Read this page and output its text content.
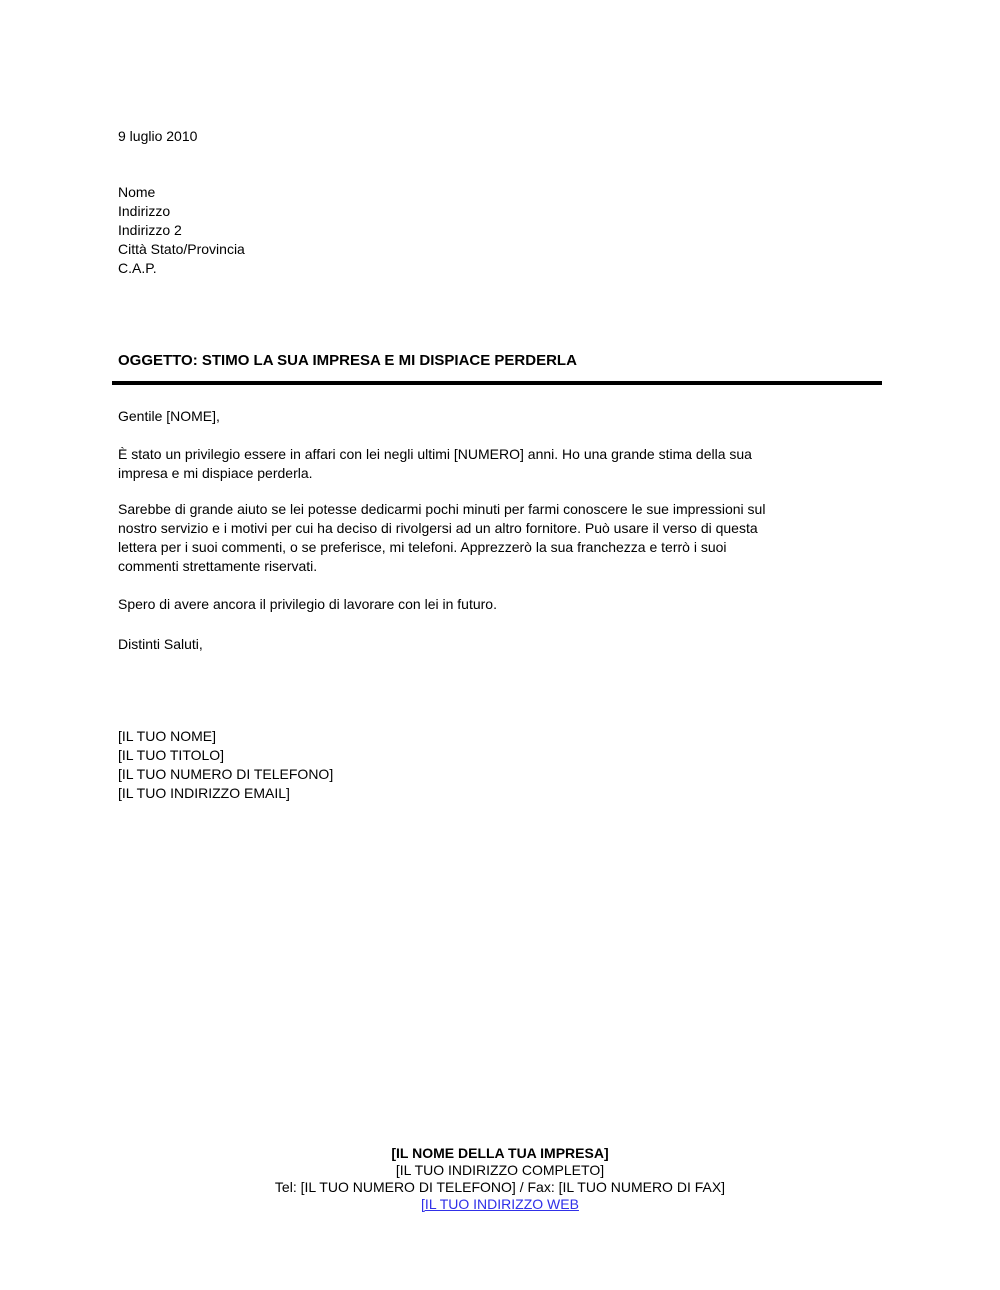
9 luglio 2010
Nome
Indirizzo
Indirizzo 2
Città Stato/Provincia
C.A.P.
OGGETTO: STIMO LA SUA IMPRESA E MI DISPIACE PERDERLA
Gentile [NOME],
È stato un privilegio essere in affari con lei negli ultimi [NUMERO] anni. Ho una grande stima della sua
impresa e mi dispiace perderla.
Sarebbe di grande aiuto se lei potesse dedicarmi pochi minuti per farmi conoscere le sue impressioni sul
nostro servizio e i motivi per cui ha deciso di rivolgersi ad un altro fornitore. Può usare il verso di questa
lettera per i suoi commenti, o se preferisce, mi telefoni. Apprezzerò la sua franchezza e terrò i suoi
commenti strettamente riservati.
Spero di avere ancora il privilegio di lavorare con lei in futuro.
Distinti Saluti,
[IL TUO NOME]
[IL TUO TITOLO]
[IL TUO NUMERO DI TELEFONO]
[IL TUO INDIRIZZO EMAIL]
[IL NOME DELLA TUA IMPRESA]
[IL TUO INDIRIZZO COMPLETO]
Tel: [IL TUO NUMERO DI TELEFONO] / Fax: [IL TUO NUMERO DI FAX]
[IL TUO INDIRIZZO WEB
